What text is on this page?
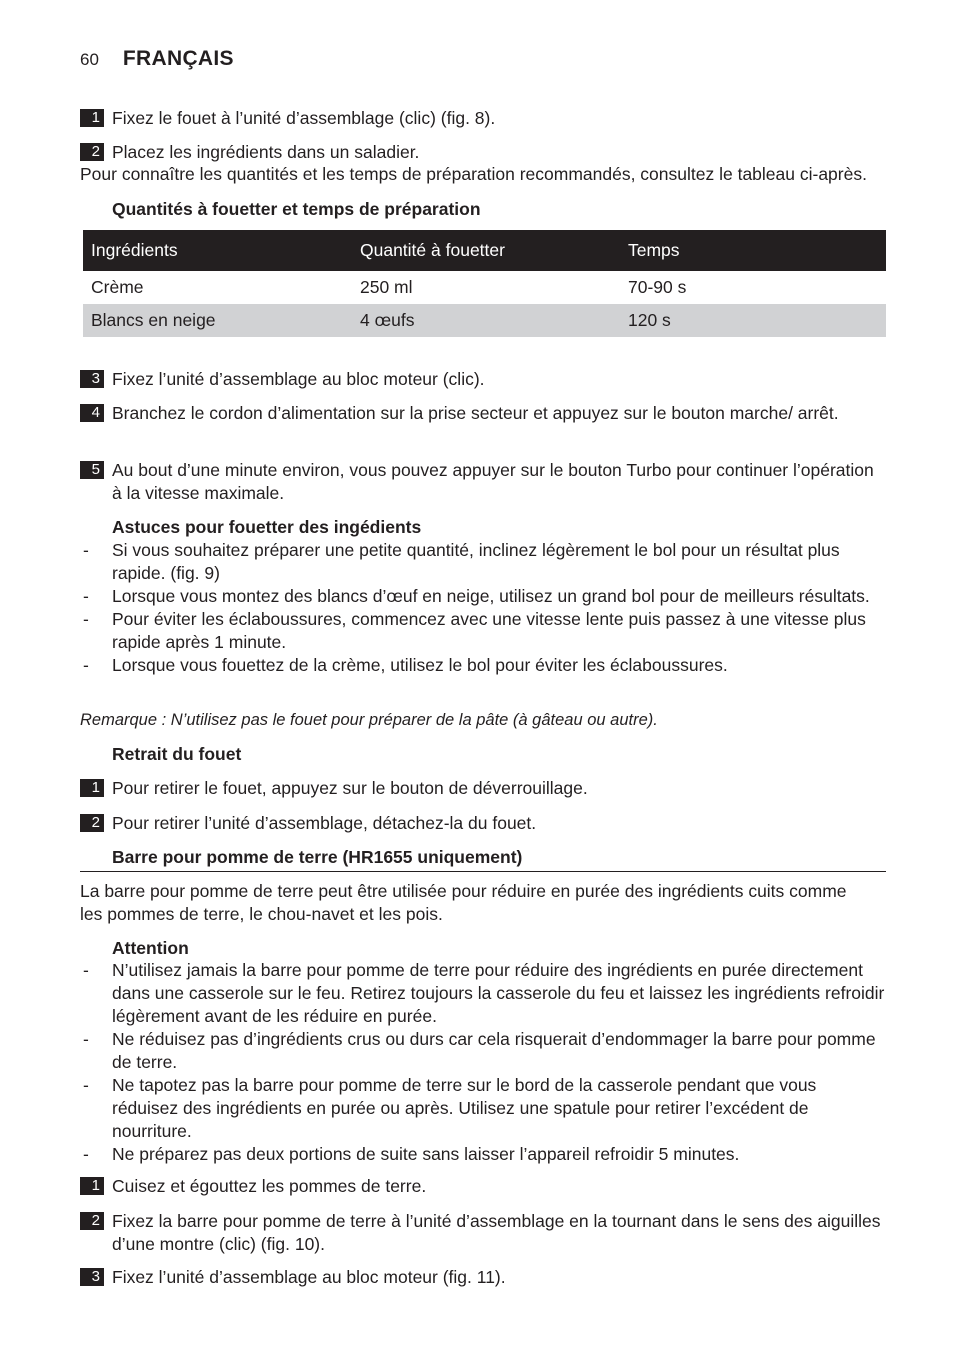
60 FRANÇAIS
1 Fixez le fouet à l’unité d’assemblage (clic) (fig. 8).
2 Placez les ingrédients dans un saladier.
Pour connaître les quantités et les temps de préparation recommandés, consultez le tableau ci-après.
Quantités à fouetter et temps de préparation
Ingrédients	Quantité à fouetter	Temps
Crème	250 ml	70-90 s
Blancs en neige	4 œufs	120 s
3 Fixez l’unité d’assemblage au bloc moteur (clic).
4 Branchez le cordon d’alimentation sur la prise secteur et appuyez sur le bouton marche/ arrêt.
5 Au bout d’une minute environ, vous pouvez appuyer sur le bouton Turbo pour continuer l’opération à la vitesse maximale.
Astuces pour fouetter des ingédients
-	Si vous souhaitez préparer une petite quantité, inclinez légèrement le bol pour un résultat plus rapide. (fig. 9)
-	Lorsque vous montez des blancs d’œuf en neige, utilisez un grand bol pour de meilleurs résultats.
-	Pour éviter les éclaboussures, commencez avec une vitesse lente puis passez à une vitesse plus rapide après 1 minute.
-	Lorsque vous fouettez de la crème, utilisez le bol pour éviter les éclaboussures.
Remarque : N’utilisez pas le fouet pour préparer de la pâte (à gâteau ou autre).
Retrait du fouet
1 Pour retirer le fouet, appuyez sur le bouton de déverrouillage.
2 Pour retirer l’unité d’assemblage, détachez-la du fouet.
Barre pour pomme de terre (HR1655 uniquement)
La barre pour pomme de terre peut être utilisée pour réduire en purée des ingrédients cuits comme les pommes de terre, le chou-navet et les pois.
Attention
-	N’utilisez jamais la barre pour pomme de terre pour réduire des ingrédients en purée directement dans une casserole sur le feu. Retirez toujours la casserole du feu et laissez les ingrédients refroidir légèrement avant de les réduire en purée.
-	Ne réduisez pas d’ingrédients crus ou durs car cela risquerait d’endommager la barre pour pomme de terre.
-	Ne tapotez pas la barre pour pomme de terre sur le bord de la casserole pendant que vous réduisez des ingrédients en purée ou après. Utilisez une spatule pour retirer l’excédent de nourriture.
-	Ne préparez pas deux portions de suite sans laisser l’appareil refroidir 5 minutes.
1 Cuisez et égouttez les pommes de terre.
2 Fixez la barre pour pomme de terre à l’unité d’assemblage en la tournant dans le sens des aiguilles d’une montre (clic) (fig. 10).
3 Fixez l’unité d’assemblage au bloc moteur (fig. 11).
